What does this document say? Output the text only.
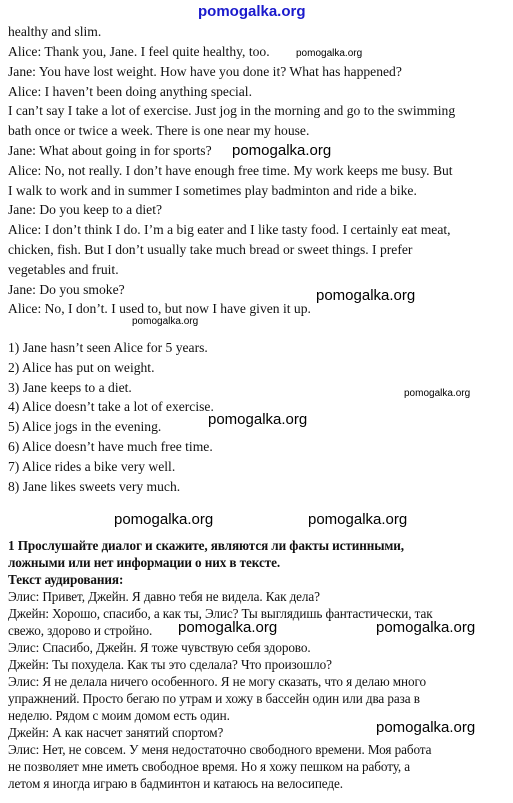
healthy and slim.
Alice: Thank you, Jane. I feel quite healthy, too.
Jane: You have lost weight. How have you done it? What has happened?
Alice: I haven’t been doing anything special.
I can’t say I take a lot of exercise. Just jog in the morning and go to the swimming
bath once or twice a week. There is one near my house.
Jane: What about going in for sports?
Alice: No, not really. I don’t have enough free time. My work keeps me busy. But
I walk to work and in summer I sometimes play badminton and ride a bike.
Jane: Do you keep to a diet?
Alice: I don’t think I do. I’m a big eater and I like tasty food. I certainly eat meat,
chicken, fish. But I don’t usually take much bread or sweet things. I prefer
vegetables and fruit.
Jane: Do you smoke?
Alice: No, I don’t. I used to, but now I have given it up.
1) Jane hasn’t seen Alice for 5 years.
2) Alice has put on weight.
3) Jane keeps to a diet.
4) Alice doesn’t take a lot of exercise.
5) Alice jogs in the evening.
6) Alice doesn’t have much free time.
7) Alice rides a bike very well.
8) Jane likes sweets very much.
1 Прослушайте диалог и скажите, являются ли факты истинными,
ложными или нет информации о них в тексте.
Текст аудирования:
Элис: Привет, Джейн. Я давно тебя не видела. Как дела?
Джейн: Хорошо, спасибо, а как ты, Элис? Ты выглядишь фантастически, так
свежо, здорово и стройно.
Элис: Спасибо, Джейн. Я тоже чувствую себя здорово.
Джейн: Ты похудела. Как ты это сделала? Что произошло?
Элис: Я не делала ничего особенного. Я не могу сказать, что я делаю много
упражнений. Просто бегаю по утрам и хожу в бассейн один или два раза в
неделю. Рядом с моим домом есть один.
Джейн: А как насчет занятий спортом?
Элис: Нет, не совсем. У меня недостаточно свободного времени. Моя работа
не позволяет мне иметь свободное время. Но я хожу пешком на работу, а
летом я иногда играю в бадминтон и катаюсь на велосипеде.
pomogalka.org
pomogalka.org
pomogalka.org
pomogalka.org
pomogalka.org
pomogalka.org
pomogalka.org
pomogalka.org	pomogalka.org
pomogalka.org	pomogalka.org
pomogalka.org
